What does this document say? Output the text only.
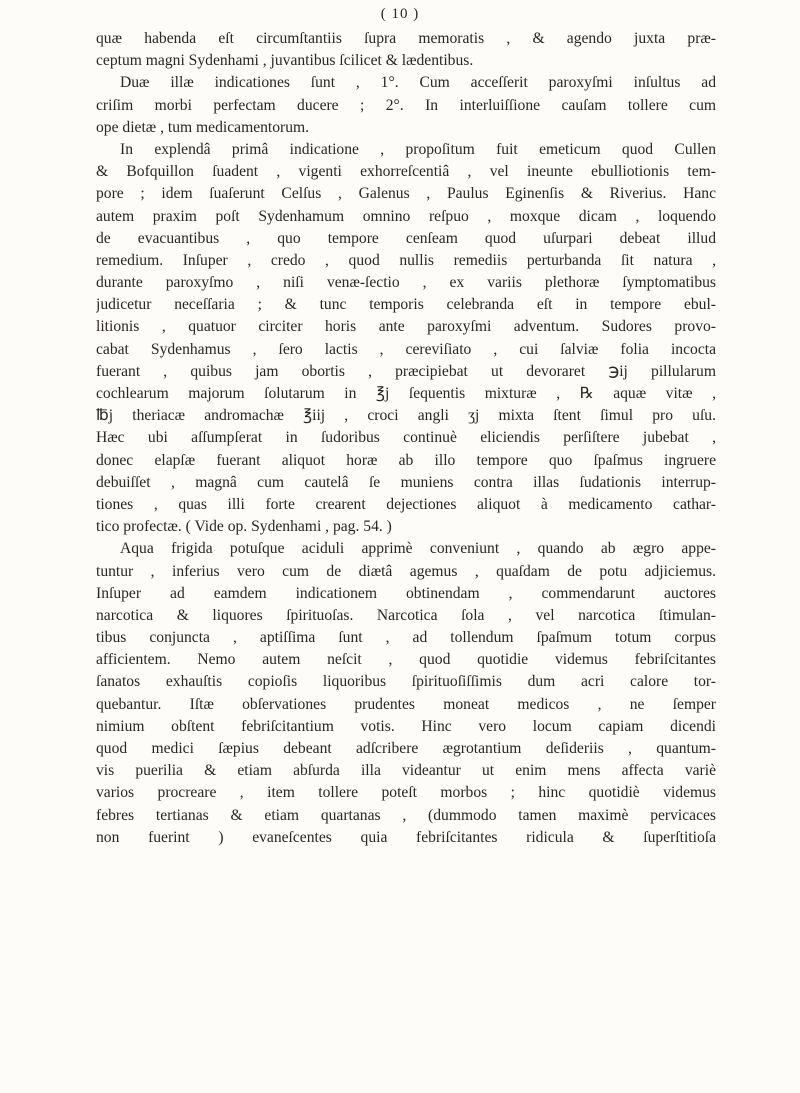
( 10 )
quæ habenda eſt circumſtantiis ſupra memoratis , & agendo juxta præ-
ceptum magni Sydenhami , juvantibus ſcilicet & lædentibus.
Duæ illæ indicationes ſunt , 1°. Cum acceſſerit paroxyſmi inſultus ad
criſim morbi perfectam ducere ; 2°. In interluiſſione cauſam tollere cum
ope dietæ , tum medicamentorum.
In explendâ primâ indicatione , propoſitum fuit emeticum quod Cullen
& Bofquillon ſuadent , vigenti exhorreſcentiâ , vel ineunte ebulliotionis tem-
pore ; idem ſuaſerunt Celſus , Galenus , Paulus Eginenſis & Riverius. Hanc
autem praxim poſt Sydenhamum omnino reſpuo , moxque dicam , loquendo
de evacuantibus , quo tempore cenſeam quod uſurpari debeat illud
remedium. Inſuper , credo , quod nullis remediis perturbanda ſit natura ,
durante paroxyſmo , niſi venæ-ſectio , ex variis plethoræ ſymptomatibus
judicetur neceſſaria ; & tunc temporis celebranda eſt in tempore ebul-
litionis , quatuor circiter horis ante paroxyſmi adventum. Sudores provo-
cabat Sydenhamus , ſero lactis , cereviſiato , cui ſalviæ folia incocta
fuerant , quibus jam obortis , præcipiebat ut devoraret ℈ij pillularum
cochlearum majorum ſolutarum in ℥j ſequentis mixturæ , ℞ aquæ vitæ ,
℔j theriacæ andromachæ ℥iij , croci angli ʒj mixta ſtent ſimul pro uſu.
Hæc ubi aſſumpſerat in ſudoribus continuè eliciendis perſiſtere jubebat ,
donec elapſæ fuerant aliquot horæ ab illo tempore quo ſpaſmus ingruere
debuiſſet , magnâ cum cautelâ ſe muniens contra illas ſudationis interrup-
tiones , quas illi forte crearent dejectiones aliquot à medicamento cathar-
tico profectæ. ( Vide op. Sydenhami , pag. 54. )
Aqua frigida potuſque aciduli apprimè conveniunt , quando ab ægro appe-
tuntur , inferius vero cum de diætâ agemus , quaſdam de potu adjiciemus.
Inſuper ad eamdem indicationem obtinendam , commendarunt auctores
narcotica & liquores ſpirituoſas. Narcotica ſola , vel narcotica ſtimulan-
tibus conjuncta , aptiſſima ſunt , ad tollendum ſpaſmum totum corpus
afficientem. Nemo autem neſcit , quod quotidie videmus febriſcitantes
ſanatos exhauſtis copioſis liquoribus ſpirituoſiſſimis dum acri calore tor-
quebantur. Iſtæ obſervationes prudentes moneat medicos , ne ſemper
nimium obſtent febriſcitantium votis. Hinc vero locum capiam dicendi
quod medici ſæpius debeant adſcribere ægrotantium deſideriis , quantum-
vis puerilia & etiam abſurda illa videantur ut enim mens affecta variè
varios procreare , item tollere poteſt morbos ; hinc quotidiè videmus
febres tertianas & etiam quartanas , (dummodo tamen maximè pervicaces
non fuerint ) evaneſcentes quia febriſcitantes ridicula & ſuperſtitioſa
